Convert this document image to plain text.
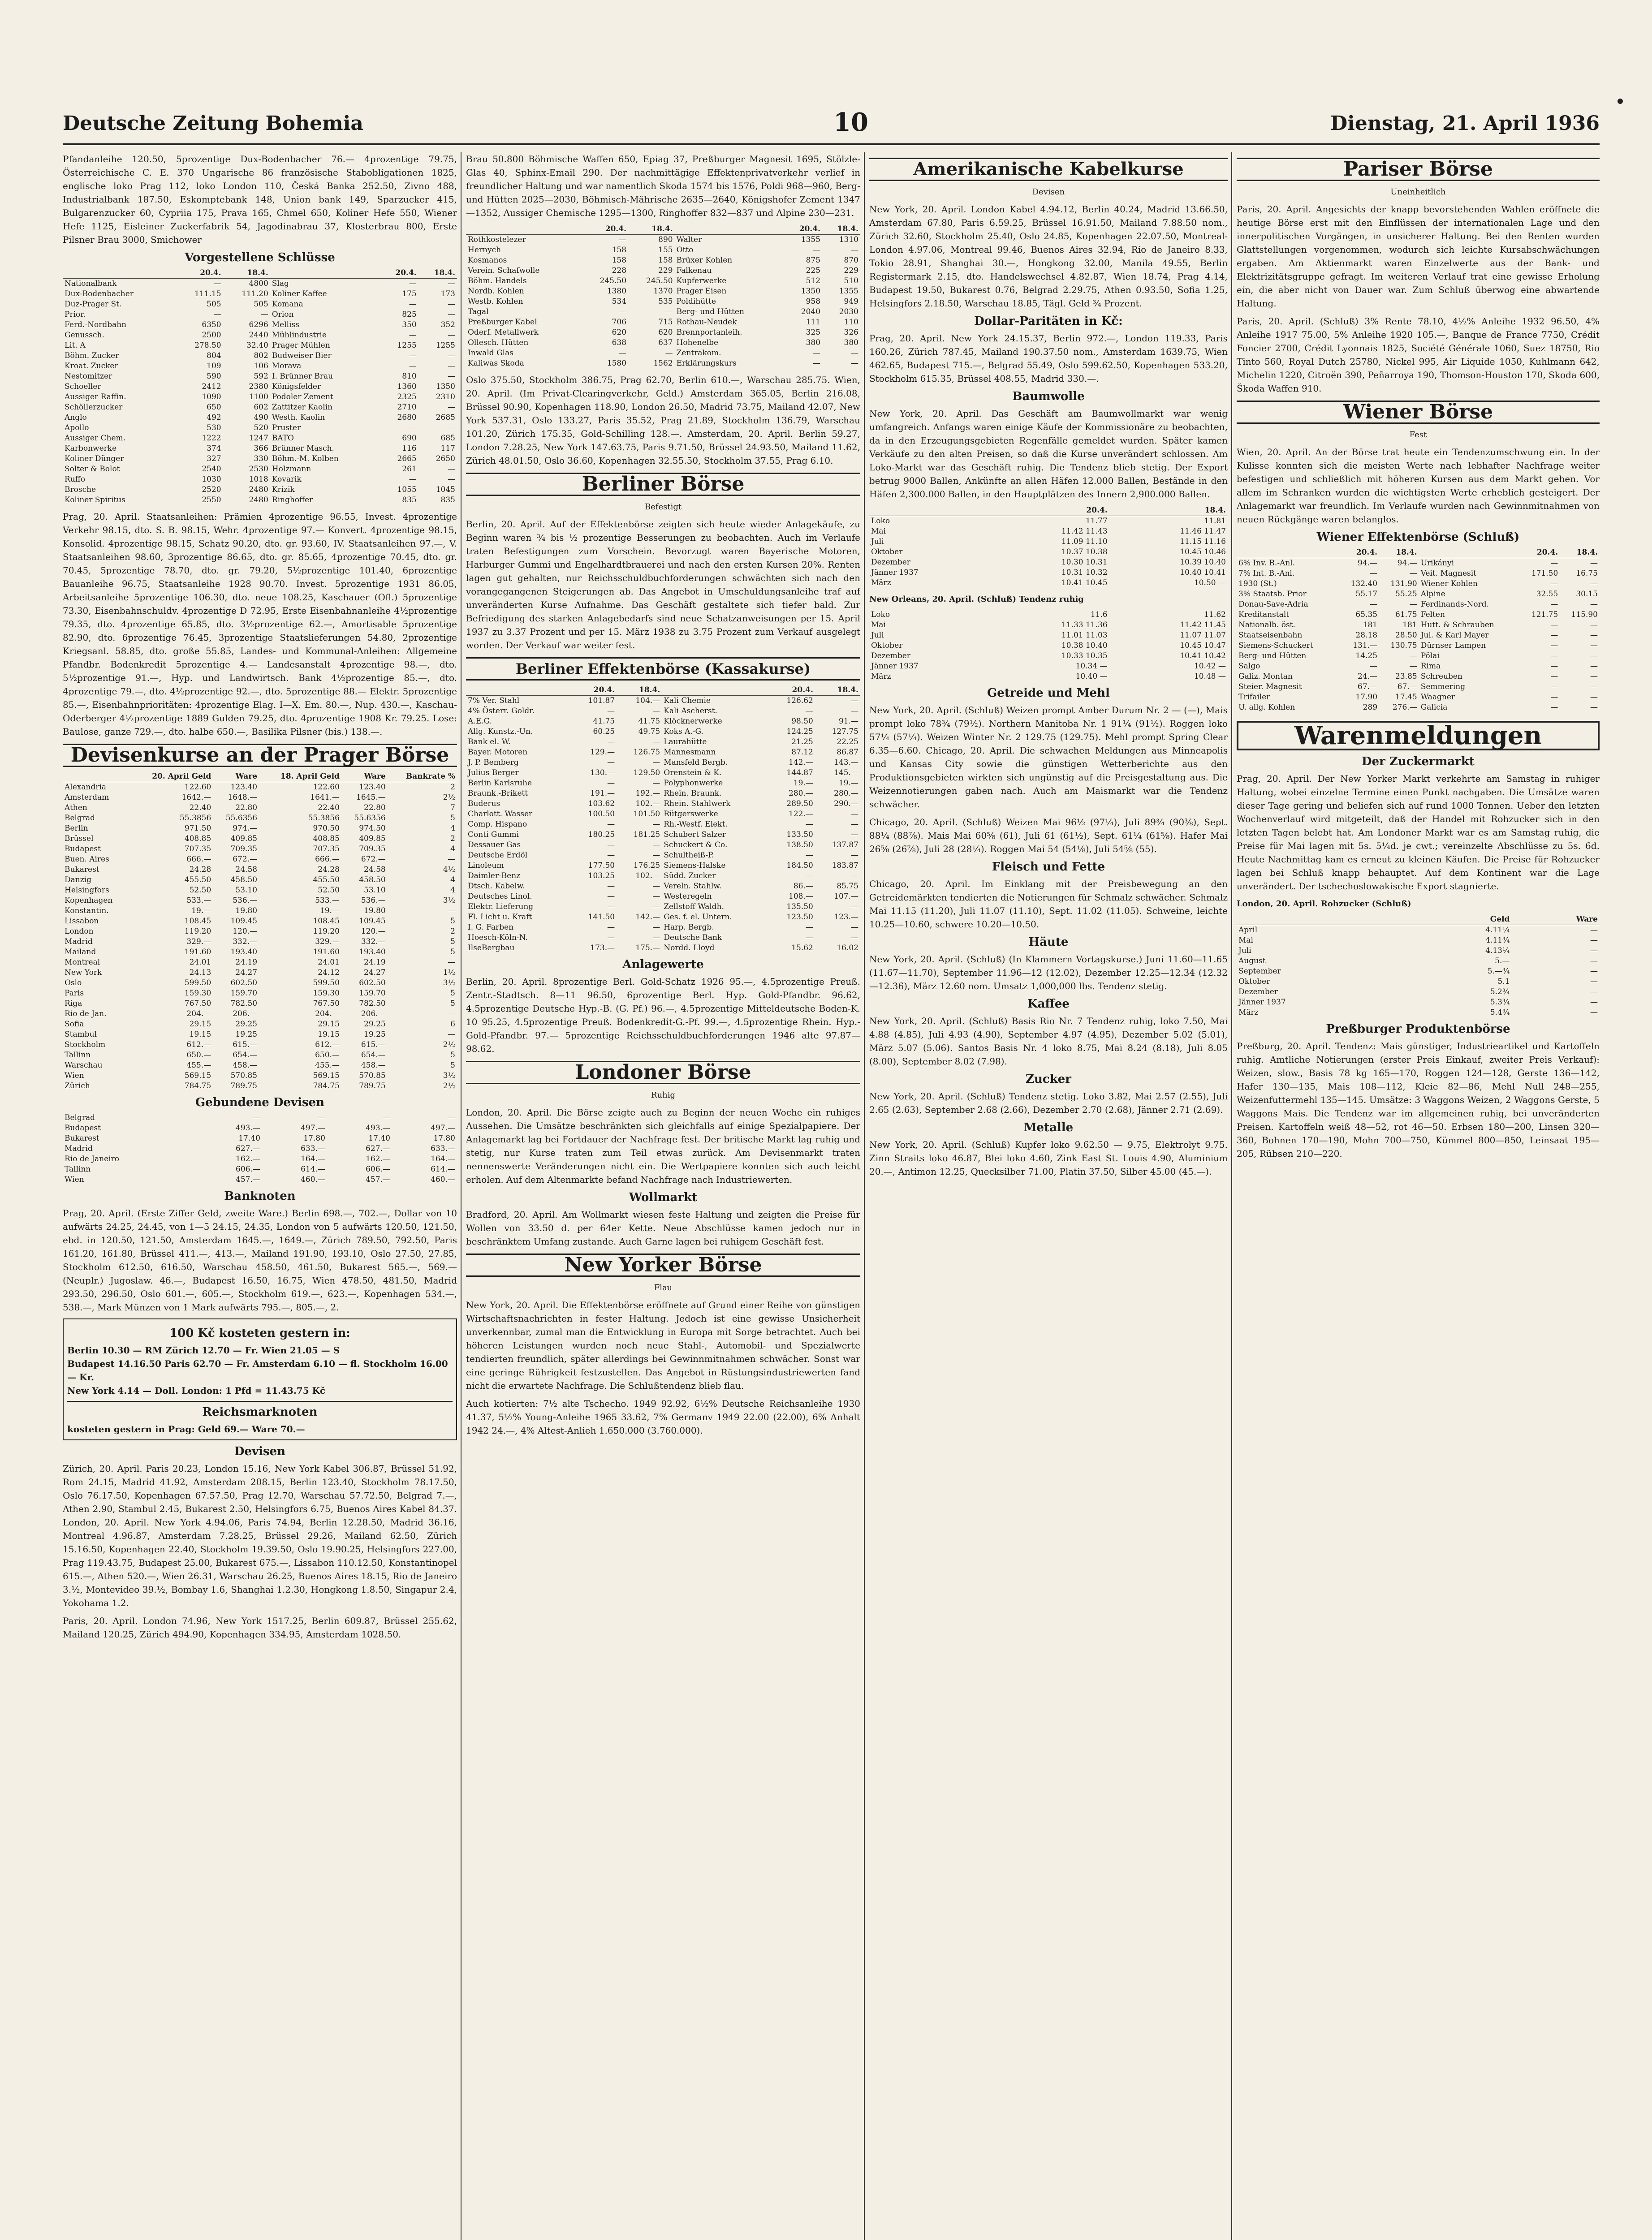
Deutsche Zeitung Bohemia	10	Dienstag, 21. April 1936

Pfandanleihe 120.50, 5prozentige Dux-Bodenbacher 76.— 4prozentige 79.75, Österreichische C. E. 370 Ungarische 86 französische Stabobligationen 1825, englische loko Prag 112, loko London 110, Česká Banka 252.50, Zivno 488, Industrialbank 187.50, Eskomptebank 148, Union bank 149, Sparzucker 415, Bulgarenzucker 60, Cypriia 175, Prava 165, Chmel 650, Koliner Hefe 550, Wiener Hefe 1125, Eisleiner Zuckerfabrik 54, Jagodinabrau 37, Klosterbrau 800, Erste Pilsner Brau 3000, Smichower

Vorgestellene Schlüsse
	20.4.	18.4.		20.4.	18.4.
Nationalbank	—	4800	Slag	—	—
Dux-Bodenbacher	111.15	111.20	Koliner Kaffee	175	173
Duz-Prager St.	505	505	Komana	—	—
Prior.	—	—	Orion	825	—
Ferd.-Nordbahn	6350	6296	Melliss	350	352
Genussch.	2500	2440	Mühlindustrie	—	—
Lit. A	278.50	32.40	Prager Mühlen	1255	1255
Böhm. Zucker	804	802	Budweiser Bier	—	—
Kroat. Zucker	109	106	Morava	—	—
Nestomitzer	590	592	I. Brünner Brau	810	—
Schoeller	2412	2380	Königsfelder	1360	1350
Aussiger Raffin.	1090	1100	Podoler Zement	2325	2310
Schöllerzucker	650	602	Zattitzer Kaolin	2710	—
Anglo	492	490	Westh. Kaolin	2680	2685
Apollo	530	520	Pruster	—	—
Aussiger Chem.	1222	1247	BATO	690	685
Karbonwerke	374	366	Brünner Masch.	116	117
Koliner Dünger	327	330	Böhm.-M. Kolben	2665	2650
Solter & Bolot	2540	2530	Holzmann	261	—
Ruffo	1030	1018	Kovarik	—	—
Brosche	2520	2480	Krizik	1055	1045
Koliner Spiritus	2550	2480	Ringhoffer	835	835

Prag, 20. April. Staatsanleihen: Prämien 4prozentige 96.55, Invest. 4prozentige Verkehr 98.15, dto. S. B. 98.15, Wehr. 4prozentige 97.— Konvert. 4prozentige 98.15, Konsolid. 4prozentige 98.15, Schatz 90.20, dto. gr. 93.60, IV. Staatsanleihen 97.—, V. Staatsanleihen 98.60, 3prozentige 86.65, dto. gr. 85.65, 4prozentige 70.45, dto. gr. 70.45, 5prozentige 78.70, dto. gr. 79.20, 5½prozentige 101.40, 6prozentige Bauanleihe 96.75, Staatsanleihe 1928 90.70. Invest. 5prozentige 1931 86.05, Arbeitsanleihe 5prozentige 106.30, dto. neue 108.25, Kaschauer (Ofl.) 5prozentige 73.30, Eisenbahnschuldv. 4prozentige D 72.95, Erste Eisenbahnanleihe 4½prozentige 79.35, dto. 4prozentige 65.85, dto. 3½prozentige 62.—, Amortisable 5prozentige 82.90, dto. 6prozentige 76.45, 3prozentige Staatslieferungen 54.80, 2prozentige Kriegsanl. 58.85, dto. große 55.85, Landes- und Kommunal-Anleihen: Allgemeine Pfandbr. Bodenkredit 5prozentige 4.— Landesanstalt 4prozentige 98.—, dto. 5½prozentige 91.—, Hyp. und Landwirtsch. Bank 4½prozentige 85.—, dto. 4prozentige 79.—, dto. 4½prozentige 92.—, dto. 5prozentige 88.— Elektr. 5prozentige 85.—, Eisenbahnprioritäten: 4prozentige Elag. I—X. Em. 80.—, Nup. 430.—, Kaschau-Oderberger 4½prozentige 1889 Gulden 79.25, dto. 4prozentige 1908 Kr. 79.25. Lose: Baulose, ganze 729.—, dto. halbe 650.—, Basilika Pilsner (bis.) 138.—.

Devisenkurse an der Prager Börse
	20. April Geld	Ware	18. April Geld	Ware	Bankrate %
Alexandria	122.60	123.40	122.60	123.40	2
Amsterdam	1642.—	1648.—	1641.—	1645.—	2½
Athen	22.40	22.80	22.40	22.80	7
Belgrad	55.3856	55.6356	55.3856	55.6356	5
Berlin	971.50	974.—	970.50	974.50	4
Brüssel	408.85	409.85	408.85	409.85	2
Budapest	707.35	709.35	707.35	709.35	4
Buen. Aires	666.—	672.—	666.—	672.—	—
Bukarest	24.28	24.58	24.28	24.58	4½
Danzig	455.50	458.50	455.50	458.50	4
Helsingfors	52.50	53.10	52.50	53.10	4
Kopenhagen	533.—	536.—	533.—	536.—	3½
Konstantin.	19.—	19.80	19.—	19.80	—
Lissabon	108.45	109.45	108.45	109.45	5
London	119.20	120.—	119.20	120.—	2
Madrid	329.—	332.—	329.—	332.—	5
Mailand	191.60	193.40	191.60	193.40	5
Montreal	24.01	24.19	24.01	24.19	—
New York	24.13	24.27	24.12	24.27	1½
Oslo	599.50	602.50	599.50	602.50	3½
Paris	159.30	159.70	159.30	159.70	5
Riga	767.50	782.50	767.50	782.50	5
Rio de Jan.	204.—	206.—	204.—	206.—	—
Sofia	29.15	29.25	29.15	29.25	6
Stambul	19.15	19.25	19.15	19.25	—
Stockholm	612.—	615.—	612.—	615.—	2½
Tallinn	650.—	654.—	650.—	654.—	5
Warschau	455.—	458.—	455.—	458.—	5
Wien	569.15	570.85	569.15	570.85	3½
Zürich	784.75	789.75	784.75	789.75	2½
Gebundene Devisen
Belgrad	—	—	—	—
Budapest	493.—	497.—	493.—	497.—
Bukarest	17.40	17.80	17.40	17.80
Madrid	627.—	633.—	627.—	633.—
Rio de Janeiro	162.—	164.—	162.—	164.—
Tallinn	606.—	614.—	606.—	614.—
Wien	457.—	460.—	457.—	460.—
Banknoten

Prag, 20. April. (Erste Ziffer Geld, zweite Ware.) Berlin 698.—, 702.—, Dollar von 10 aufwärts 24.25, 24.45, von 1—5 24.15, 24.35, London von 5 aufwärts 120.50, 121.50, ebd. in 120.50, 121.50, Amsterdam 1645.—, 1649.—, Zürich 789.50, 792.50, Paris 161.20, 161.80, Brüssel 411.—, 413.—, Mailand 191.90, 193.10, Oslo 27.50, 27.85, Stockholm 612.50, 616.50, Warschau 458.50, 461.50, Bukarest 565.—, 569.— (Neuplr.) Jugoslaw. 46.—, Budapest 16.50, 16.75, Wien 478.50, 481.50, Madrid 293.50, 296.50, Oslo 601.—, 605.—, Stockholm 619.—, 623.—, Kopenhagen 534.—, 538.—, Mark Münzen von 1 Mark aufwärts 795.—, 805.—, 2.

100 Kč kosteten gestern in:
Berlin 10.30 — RM Zürich 12.70 — Fr. Wien 21.05 — S
Budapest 14.16.50 Paris 62.70 — Fr. Amsterdam 6.10 — fl. Stockholm 16.00 — Kr.
New York 4.14 — Doll. London: 1 Pfd = 11.43.75 Kč
Reichsmarknoten
kosteten gestern in Prag: Geld 69.— Ware 70.—
Devisen

Zürich, 20. April. Paris 20.23, London 15.16, New York Kabel 306.87, Brüssel 51.92, Rom 24.15, Madrid 41.92, Amsterdam 208.15, Berlin 123.40, Stockholm 78.17.50, Oslo 76.17.50, Kopenhagen 67.57.50, Prag 12.70, Warschau 57.72.50, Belgrad 7.—, Athen 2.90, Stambul 2.45, Bukarest 2.50, Helsingfors 6.75, Buenos Aires Kabel 84.37. London, 20. April. New York 4.94.06, Paris 74.94, Berlin 12.28.50, Madrid 36.16, Montreal 4.96.87, Amsterdam 7.28.25, Brüssel 29.26, Mailand 62.50, Zürich 15.16.50, Kopenhagen 22.40, Stockholm 19.39.50, Oslo 19.90.25, Helsingfors 227.00, Prag 119.43.75, Budapest 25.00, Bukarest 675.—, Lissabon 110.12.50, Konstantinopel 615.—, Athen 520.—, Wien 26.31, Warschau 26.25, Buenos Aires 18.15, Rio de Janeiro 3.½, Montevideo 39.½, Bombay 1.6, Shanghai 1.2.30, Hongkong 1.8.50, Singapur 2.4, Yokohama 1.2.

Paris, 20. April. London 74.96, New York 1517.25, Berlin 609.87, Brüssel 255.62, Mailand 120.25, Zürich 494.90, Kopenhagen 334.95, Amsterdam 1028.50.

Brau 50.800 Böhmische Waffen 650, Epiag 37, Preßburger Magnesit 1695, Stölzle-Glas 40, Sphinx-Email 290. Der nachmittägige Effektenprivatverkehr verlief in freundlicher Haltung und war namentlich Skoda 1574 bis 1576, Poldi 968—960, Berg- und Hütten 2025—2030, Böhmisch-Mährische 2635—2640, Königshofer Zement 1347—1352, Aussiger Chemische 1295—1300, Ringhoffer 832—837 und Alpine 230—231.

	20.4.	18.4.		20.4.	18.4.
Rothkostelezer	—	890	Walter	1355	1310
Hernych	158	155	Otto	—	—
Kosmanos	158	158	Brüxer Kohlen	875	870
Verein. Schafwolle	228	229	Falkenau	225	229
Böhm. Handels	245.50	245.50	Kupferwerke	512	510
Nordb. Kohlen	1380	1370	Prager Eisen	1350	1355
Westb. Kohlen	534	535	Poldihütte	958	949
Tagal	—	—	Berg- und Hütten	2040	2030
Preßburger Kabel	706	715	Rothau-Neudek	111	110
Oderf. Metallwerk	620	620	Brennportanleih.	325	326
Ollesch. Hütten	638	637	Hohenelbe	380	380
Inwald Glas	—	—	Zentrakom.	—	—
Kaliwas Skoda	1580	1562	Erklärungskurs	—	—

Oslo 375.50, Stockholm 386.75, Prag 62.70, Berlin 610.—, Warschau 285.75. Wien, 20. April. (Im Privat-Clearingverkehr, Geld.) Amsterdam 365.05, Berlin 216.08, Brüssel 90.90, Kopenhagen 118.90, London 26.50, Madrid 73.75, Mailand 42.07, New York 537.31, Oslo 133.27, Paris 35.52, Prag 21.89, Stockholm 136.79, Warschau 101.20, Zürich 175.35, Gold-Schilling 128.—. Amsterdam, 20. April. Berlin 59.27, London 7.28.25, New York 147.63.75, Paris 9.71.50, Brüssel 24.93.50, Mailand 11.62, Zürich 48.01.50, Oslo 36.60, Kopenhagen 32.55.50, Stockholm 37.55, Prag 6.10.

Berliner Börse
Befestigt

Berlin, 20. April. Auf der Effektenbörse zeigten sich heute wieder Anlagekäufe, zu Beginn waren ¾ bis ½ prozentige Besserungen zu beobachten. Auch im Verlaufe traten Befestigungen zum Vorschein. Bevorzugt waren Bayerische Motoren, Harburger Gummi und Engelhardtbrauerei und nach den ersten Kursen 20%. Renten lagen gut gehalten, nur Reichsschuldbuchforderungen schwächten sich nach den vorangegangenen Steigerungen ab. Das Angebot in Umschuldungsanleihe traf auf unveränderten Kurse Aufnahme. Das Geschäft gestaltete sich tiefer bald. Zur Befriedigung des starken Anlagebedarfs sind neue Schatzanweisungen per 15. April 1937 zu 3.37 Prozent und per 15. März 1938 zu 3.75 Prozent zum Verkauf ausgelegt worden. Der Verkauf war weiter fest.

Berliner Effektenbörse (Kassakurse)
	20.4.	18.4.		20.4.	18.4.
7% Ver. Stahl	101.87	104.—	Kali Chemie	126.62	—
4% Österr. Goldr.	—	—	Kali Ascherst.	—	—
A.E.G.	41.75	41.75	Klöcknerwerke	98.50	91.—
Allg. Kunstz.-Un.	60.25	49.75	Koks A.-G.	124.25	127.75
Bank el. W.	—	—	Laurahütte	21.25	22.25
Bayer. Motoren	129.—	126.75	Mannesmann	87.12	86.87
J. P. Bemberg	—	—	Mansfeld Bergb.	142.—	143.—
Julius Berger	130.—	129.50	Orenstein & K.	144.87	145.—
Berlin Karlsruhe	—	—	Polyphonwerke	19.—	19.—
Braunk.-Brikett	191.—	192.—	Rhein. Braunk.	280.—	280.—
Buderus	103.62	102.—	Rhein. Stahlwerk	289.50	290.—
Charlott. Wasser	100.50	101.50	Rütgerswerke	122.—	—
Comp. Hispano	—	—	Rh.-Westf. Elekt.	—	—
Conti Gummi	180.25	181.25	Schubert Salzer	133.50	—
Dessauer Gas	—	—	Schuckert & Co.	138.50	137.87
Deutsche Erdöl	—	—	Schultheiß-P.	—	—
Linoleum	177.50	176.25	Siemens-Halske	184.50	183.87
Daimler-Benz	103.25	102.—	Südd. Zucker	—	—
Dtsch. Kabelw.	—	—	Vereln. Stahlw.	86.—	85.75
Deutsches Linol.	—	—	Westeregeln	108.—	107.—
Elektr. Lieferung	—	—	Zellstoff Waldh.	135.50	—
Fl. Licht u. Kraft	141.50	142.—	Ges. f. el. Untern.	123.50	123.—
I. G. Farben	—	—	Harp. Bergb.	—	—
Hoesch-Köln-N.	—	—	Deutsche Bank	—	—
IlseBergbau	173.—	175.—	Nordd. Lloyd	15.62	16.02
Anlagewerte

Berlin, 20. April. 8prozentige Berl. Gold-Schatz 1926 95.—, 4.5prozentige Preuß. Zentr.-Stadtsch. 8—11 96.50, 6prozentige Berl. Hyp. Gold-Pfandbr. 96.62, 4.5prozentige Deutsche Hyp.-B. (G. Pf.) 96.—, 4.5prozentige Mitteldeutsche Boden-K. 10 95.25, 4.5prozentige Preuß. Bodenkredit-G.-Pf. 99.—, 4.5prozentige Rhein. Hyp.-Gold-Pfandbr. 97.— 5prozentige Reichsschuldbuchforderungen 1946 alte 97.87—98.62.

Londoner Börse
Ruhig

London, 20. April. Die Börse zeigte auch zu Beginn der neuen Woche ein ruhiges Aussehen. Die Umsätze beschränkten sich gleichfalls auf einige Spezialpapiere. Der Anlagemarkt lag bei Fortdauer der Nachfrage fest. Der britische Markt lag ruhig und stetig, nur Kurse traten zum Teil etwas zurück. Am Devisenmarkt traten nennenswerte Veränderungen nicht ein. Die Wertpapiere konnten sich auch leicht erholen. Auf dem Altenmarkte befand Nachfrage nach Industriewerten.

Wollmarkt

Bradford, 20. April. Am Wollmarkt wiesen feste Haltung und zeigten die Preise für Wollen von 33.50 d. per 64er Kette. Neue Abschlüsse kamen jedoch nur in beschränktem Umfang zustande. Auch Garne lagen bei ruhigem Geschäft fest.

New Yorker Börse
Flau

New York, 20. April. Die Effektenbörse eröffnete auf Grund einer Reihe von günstigen Wirtschaftsnachrichten in fester Haltung. Jedoch ist eine gewisse Unsicherheit unverkennbar, zumal man die Entwicklung in Europa mit Sorge betrachtet. Auch bei höheren Leistungen wurden noch neue Stahl-, Automobil- und Spezialwerte tendierten freundlich, später allerdings bei Gewinnmitnahmen schwächer. Sonst war eine geringe Rührigkeit festzustellen. Das Angebot in Rüstungsindustriewerten fand nicht die erwartete Nachfrage. Die Schlußtendenz blieb flau.

Auch kotierten: 7½ alte Tschecho. 1949 92.92, 6½% Deutsche Reichsanleihe 1930 41.37, 5½% Young-Anleihe 1965 33.62, 7% Germanv 1949 22.00 (22.00), 6% Anhalt 1942 24.—, 4% Altest-Anlieh 1.650.000 (3.760.000).

Amerikanische Kabelkurse
Devisen

New York, 20. April. London Kabel 4.94.12, Berlin 40.24, Madrid 13.66.50, Amsterdam 67.80, Paris 6.59.25, Brüssel 16.91.50, Mailand 7.88.50 nom., Zürich 32.60, Stockholm 25.40, Oslo 24.85, Kopenhagen 22.07.50, Montreal-London 4.97.06, Montreal 99.46, Buenos Aires 32.94, Rio de Janeiro 8.33, Tokio 28.91, Shanghai 30.—, Hongkong 32.00, Manila 49.55, Berlin Registermark 2.15, dto. Handelswechsel 4.82.87, Wien 18.74, Prag 4.14, Budapest 19.50, Bukarest 0.76, Belgrad 2.29.75, Athen 0.93.50, Sofia 1.25, Helsingfors 2.18.50, Warschau 18.85, Tägl. Geld ¾ Prozent.

Dollar-Paritäten in Kč:

Prag, 20. April. New York 24.15.37, Berlin 972.—, London 119.33, Paris 160.26, Zürich 787.45, Mailand 190.37.50 nom., Amsterdam 1639.75, Wien 462.65, Budapest 715.—, Belgrad 55.49, Oslo 599.62.50, Kopenhagen 533.20, Stockholm 615.35, Brüssel 408.55, Madrid 330.—.

Baumwolle

New York, 20. April. Das Geschäft am Baumwollmarkt war wenig umfangreich. Anfangs waren einige Käufe der Kommissionäre zu beobachten, da in den Erzeugungsgebieten Regenfälle gemeldet wurden. Später kamen Verkäufe zu den alten Preisen, so daß die Kurse unverändert schlossen. Am Loko-Markt war das Geschäft ruhig. Die Tendenz blieb stetig. Der Export betrug 9000 Ballen, Ankünfte an allen Häfen 12.000 Ballen, Bestände in den Häfen 2,300.000 Ballen, in den Hauptplätzen des Innern 2,900.000 Ballen.

	20.4.	18.4.
Loko	11.77	11.81
Mai	11.42 11.43	11.46 11.47
Juli	11.09 11.10	11.15 11.16
Oktober	10.37 10.38	10.45 10.46
Dezember	10.30 10.31	10.39 10.40
Jänner 1937	10.31 10.32	10.40 10.41
März	10.41 10.45	10.50 —
New Orleans, 20. April. (Schluß) Tendenz ruhig
Loko	11.6	11.62
Mai	11.33 11.36	11.42 11.45
Juli	11.01 11.03	11.07 11.07
Oktober	10.38 10.40	10.45 10.47
Dezember	10.33 10.35	10.41 10.42
Jänner 1937	10.34 —	10.42 —
März	10.40 —	10.48 —
Getreide und Mehl

New York, 20. April. (Schluß) Weizen prompt Amber Durum Nr. 2 — (—), Mais prompt loko 78¾ (79½). Northern Manitoba Nr. 1 91¼ (91½). Roggen loko 57¼ (57¼). Weizen Winter Nr. 2 129.75 (129.75). Mehl prompt Spring Clear 6.35—6.60. Chicago, 20. April. Die schwachen Meldungen aus Minneapolis und Kansas City sowie die günstigen Wetterberichte aus den Produktionsgebieten wirkten sich ungünstig auf die Preisgestaltung aus. Die Weizennotierungen gaben nach. Auch am Maismarkt war die Tendenz schwächer.

Chicago, 20. April. (Schluß) Weizen Mai 96½ (97¼), Juli 89¾ (90⅜), Sept. 88¼ (88⅞). Mais Mai 60⅝ (61), Juli 61 (61½), Sept. 61¼ (61⅝). Hafer Mai 26⅝ (26⅞), Juli 28 (28¼). Roggen Mai 54 (54⅛), Juli 54⅝ (55).

Fleisch und Fette

Chicago, 20. April. Im Einklang mit der Preisbewegung an den Getreidemärkten tendierten die Notierungen für Schmalz schwächer. Schmalz Mai 11.15 (11.20), Juli 11.07 (11.10), Sept. 11.02 (11.05). Schweine, leichte 10.25—10.60, schwere 10.20—10.50.

Häute

New York, 20. April. (Schluß) (In Klammern Vortagskurse.) Juni 11.60—11.65 (11.67—11.70), September 11.96—12 (12.02), Dezember 12.25—12.34 (12.32—12.36), März 12.60 nom. Umsatz 1,000,000 lbs. Tendenz stetig.

Kaffee

New York, 20. April. (Schluß) Basis Rio Nr. 7 Tendenz ruhig, loko 7.50, Mai 4.88 (4.85), Juli 4.93 (4.90), September 4.97 (4.95), Dezember 5.02 (5.01), März 5.07 (5.06). Santos Basis Nr. 4 loko 8.75, Mai 8.24 (8.18), Juli 8.05 (8.00), September 8.02 (7.98).

Zucker

New York, 20. April. (Schluß) Tendenz stetig. Loko 3.82, Mai 2.57 (2.55), Juli 2.65 (2.63), September 2.68 (2.66), Dezember 2.70 (2.68), Jänner 2.71 (2.69).

Metalle

New York, 20. April. (Schluß) Kupfer loko 9.62.50 — 9.75, Elektrolyt 9.75. Zinn Straits loko 46.87, Blei loko 4.60, Zink East St. Louis 4.90, Aluminium 20.—, Antimon 12.25, Quecksilber 71.00, Platin 37.50, Silber 45.00 (45.—).

Pariser Börse
Uneinheitlich

Paris, 20. April. Angesichts der knapp bevorstehenden Wahlen eröffnete die heutige Börse erst mit den Einflüssen der internationalen Lage und den innerpolitischen Vorgängen, in unsicherer Haltung. Bei den Renten wurden Glattstellungen vorgenommen, wodurch sich leichte Kursabschwächungen ergaben. Am Aktienmarkt waren Einzelwerte aus der Bank- und Elektrizitätsgruppe gefragt. Im weiteren Verlauf trat eine gewisse Erholung ein, die aber nicht von Dauer war. Zum Schluß überwog eine abwartende Haltung.

Paris, 20. April. (Schluß) 3% Rente 78.10, 4½% Anleihe 1932 96.50, 4% Anleihe 1917 75.00, 5% Anleihe 1920 105.—, Banque de France 7750, Crédit Foncier 2700, Crédit Lyonnais 1825, Société Générale 1060, Suez 18750, Rio Tinto 560, Royal Dutch 25780, Nickel 995, Air Liquide 1050, Kuhlmann 642, Michelin 1220, Citroën 390, Peñarroya 190, Thomson-Houston 170, Skoda 600, Škoda Waffen 910.

Wiener Börse
Fest

Wien, 20. April. An der Börse trat heute ein Tendenzumschwung ein. In der Kulisse konnten sich die meisten Werte nach lebhafter Nachfrage weiter befestigen und schließlich mit höheren Kursen aus dem Markt gehen. Vor allem im Schranken wurden die wichtigsten Werte erheblich gesteigert. Der Anlagemarkt war freundlich. Im Verlaufe wurden nach Gewinnmitnahmen von neuen Rückgänge waren belanglos.

Wiener Effektenbörse (Schluß)
	20.4.	18.4.		20.4.	18.4.
6% Inv. B.-Anl.	94.—	94.—	Urikányi	—	—
7% Int. B.-Anl.	—	—	Veit. Magnesit	171.50	16.75
1930 (St.)	132.40	131.90	Wiener Kohlen	—	—
3% Staatsb. Prior	55.17	55.25	Alpine	32.55	30.15
Donau-Save-Adria	—	—	Ferdinands-Nord.	—	—
Kreditanstalt	65.35	61.75	Felten	121.75	115.90
Nationalb. öst.	181	181	Hutt. & Schrauben	—	—
Staatseisenbahn	28.18	28.50	Jul. & Karl Mayer	—	—
Siemens-Schuckert	131.—	130.75	Dürnser Lampen	—	—
Berg- und Hütten	14.25	—	Pölai	—	—
Salgo	—	—	Rima	—	—
Galiz. Montan	24.—	23.85	Schreuben	—	—
Steier. Magnesit	67.—	67.—	Semmering	—	—
Trifailer	17.90	17.45	Waagner	—	—
U. allg. Kohlen	289	276.—	Galicia	—	—
Warenmeldungen
Der Zuckermarkt

Prag, 20. April. Der New Yorker Markt verkehrte am Samstag in ruhiger Haltung, wobei einzelne Termine einen Punkt nachgaben. Die Umsätze waren dieser Tage gering und beliefen sich auf rund 1000 Tonnen. Ueber den letzten Wochenverlauf wird mitgeteilt, daß der Handel mit Rohzucker sich in den letzten Tagen belebt hat. Am Londoner Markt war es am Samstag ruhig, die Preise für Mai lagen mit 5s. 5¼d. je cwt.; vereinzelte Abschlüsse zu 5s. 6d. Heute Nachmittag kam es erneut zu kleinen Käufen. Die Preise für Rohzucker lagen bei Schluß knapp behauptet. Auf dem Kontinent war die Lage unverändert. Der tschechoslowakische Export stagnierte.

London, 20. April. Rohzucker (Schluß)
	Geld	Ware
April	4.11¼	—
Mai	4.11¾	—
Juli	4.13¼	—
August	5.—	—
September	5.—¾	—
Oktober	5.1	—
Dezember	5.2¾	—
Jänner 1937	5.3¾	—
März	5.4¾	—
Preßburger Produktenbörse

Preßburg, 20. April. Tendenz: Mais günstiger, Industrieartikel und Kartoffeln ruhig. Amtliche Notierungen (erster Preis Einkauf, zweiter Preis Verkauf): Weizen, slow., Basis 78 kg 165—170, Roggen 124—128, Gerste 136—142, Hafer 130—135, Mais 108—112, Kleie 82—86, Mehl Null 248—255, Weizenfuttermehl 135—145. Umsätze: 3 Waggons Weizen, 2 Waggons Gerste, 5 Waggons Mais. Die Tendenz war im allgemeinen ruhig, bei unveränderten Preisen. Kartoffeln weiß 48—52, rot 46—50. Erbsen 180—200, Linsen 320—360, Bohnen 170—190, Mohn 700—750, Kümmel 800—850, Leinsaat 195—205, Rübsen 210—220.
